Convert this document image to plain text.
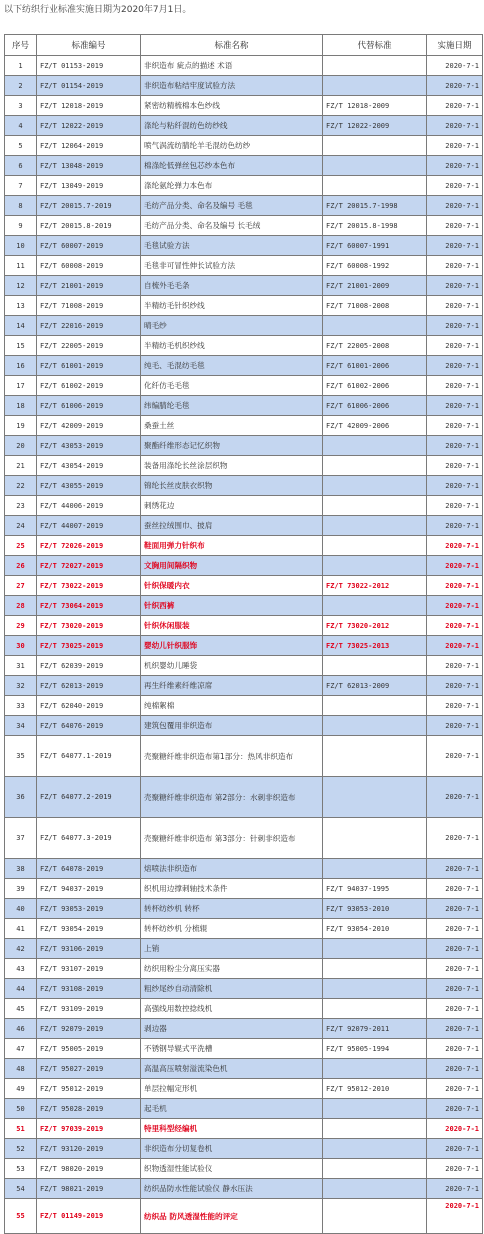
以下纺织行业标准实施日期为2020年7月1日。
序号	标准编号	标准名称	代替标准	实施日期
1	FZ/T 01153-2019	非织造布 疵点的描述 术语		2020-7-1
2	FZ/T 01154-2019	非织造布粘结牢度试验方法		2020-7-1
3	FZ/T 12018-2019	紧密纺精梳棉本色纱线	FZ/T 12018-2009	2020-7-1
4	FZ/T 12022-2019	涤纶与粘纤混纺色纺纱线	FZ/T 12022-2009	2020-7-1
5	FZ/T 12064-2019	喷气涡流纺腈纶羊毛混纺色纺纱		2020-7-1
6	FZ/T 13048-2019	棉涤纶低弹丝包芯纱本色布		2020-7-1
7	FZ/T 13049-2019	涤纶氨纶弹力本色布		2020-7-1
8	FZ/T 20015.7-2019	毛纺产品分类、命名及编号 毛毯	FZ/T 20015.7-1998	2020-7-1
9	FZ/T 20015.8-2019	毛纺产品分类、命名及编号 长毛绒	FZ/T 20015.8-1998	2020-7-1
10	FZ/T 60007-2019	毛毯试验方法	FZ/T 60007-1991	2020-7-1
11	FZ/T 60008-2019	毛毯非可冒性伸长试验方法	FZ/T 60008-1992	2020-7-1
12	FZ/T 21001-2019	自梳外毛毛条	FZ/T 21001-2009	2020-7-1
13	FZ/T 71008-2019	半精纺毛针织纱线	FZ/T 71008-2008	2020-7-1
14	FZ/T 22016-2019	晴毛纱		2020-7-1
15	FZ/T 22005-2019	半精纺毛机织纱线	FZ/T 22005-2008	2020-7-1
16	FZ/T 61001-2019	纯毛、毛混纺毛毯	FZ/T 61001-2006	2020-7-1
17	FZ/T 61002-2019	化纤仿毛毛毯	FZ/T 61002-2006	2020-7-1
18	FZ/T 61006-2019	纬编腈纶毛毯	FZ/T 61006-2006	2020-7-1
19	FZ/T 42009-2019	桑蚕土丝	FZ/T 42009-2006	2020-7-1
20	FZ/T 43053-2019	聚酯纤维形态记忆织物		2020-7-1
21	FZ/T 43054-2019	装备用涤纶长丝涂层织物		2020-7-1
22	FZ/T 43055-2019	锦纶长丝皮肤衣织物		2020-7-1
23	FZ/T 44006-2019	刺绣花边		2020-7-1
24	FZ/T 44007-2019	蚕丝拉绒围巾、披肩		2020-7-1
25	FZ/T 72026-2019	鞋面用弹力针织布		2020-7-1
26	FZ/T 72027-2019	文胸用间隔织物		2020-7-1
27	FZ/T 73022-2019	针织保暖内衣	FZ/T 73022-2012	2020-7-1
28	FZ/T 73064-2019	针织西裤		2020-7-1
29	FZ/T 73020-2019	针织休闲服装	FZ/T 73020-2012	2020-7-1
30	FZ/T 73025-2019	婴幼儿针织服饰	FZ/T 73025-2013	2020-7-1
31	FZ/T 62039-2019	机织婴幼儿睡袋		2020-7-1
32	FZ/T 62013-2019	再生纤维素纤维凉席	FZ/T 62013-2009	2020-7-1
33	FZ/T 62040-2019	纯棉絮棉		2020-7-1
34	FZ/T 64076-2019	建筑包覆用非织造布		2020-7-1
35	FZ/T 64077.1-2019	壳聚糖纤维非织造布第1部分：热风非织造布		2020-7-1
36	FZ/T 64077.2-2019	壳聚糖纤维非织造布 第2部分：水刺非织造布		2020-7-1
37	FZ/T 64077.3-2019	壳聚糖纤维非织造布 第3部分：针刺非织造布		2020-7-1
38	FZ/T 64078-2019	熔喷法非织造布		2020-7-1
39	FZ/T 94037-2019	织机用边撑刺轴技术条件	FZ/T 94037-1995	2020-7-1
40	FZ/T 93053-2019	转杯纺纱机 转杯	FZ/T 93053-2010	2020-7-1
41	FZ/T 93054-2019	转杯纺纱机 分梳辊	FZ/T 93054-2010	2020-7-1
42	FZ/T 93106-2019	上销		2020-7-1
43	FZ/T 93107-2019	纺织用粉尘分离压实器		2020-7-1
44	FZ/T 93108-2019	粗纱尾纱自动清除机		2020-7-1
45	FZ/T 93109-2019	高强线用数控捻线机		2020-7-1
46	FZ/T 92079-2019	剥边器	FZ/T 92079-2011	2020-7-1
47	FZ/T 95005-2019	不锈钢导辊式平洗槽	FZ/T 95005-1994	2020-7-1
48	FZ/T 95027-2019	高温高压喷射溢流染色机		2020-7-1
49	FZ/T 95012-2019	单层拉幅定形机	FZ/T 95012-2010	2020-7-1
50	FZ/T 95028-2019	起毛机		2020-7-1
51	FZ/T 97039-2019	特里科型经编机		2020-7-1
52	FZ/T 93120-2019	非织造布分切复卷机		2020-7-1
53	FZ/T 98020-2019	织物透湿性能试验仪		2020-7-1
54	FZ/T 98021-2019	纺织品防水性能试验仪 静水压法		2020-7-1
55	FZ/T 01149-2019	纺织品 防风透湿性能的评定		2020-7-1
